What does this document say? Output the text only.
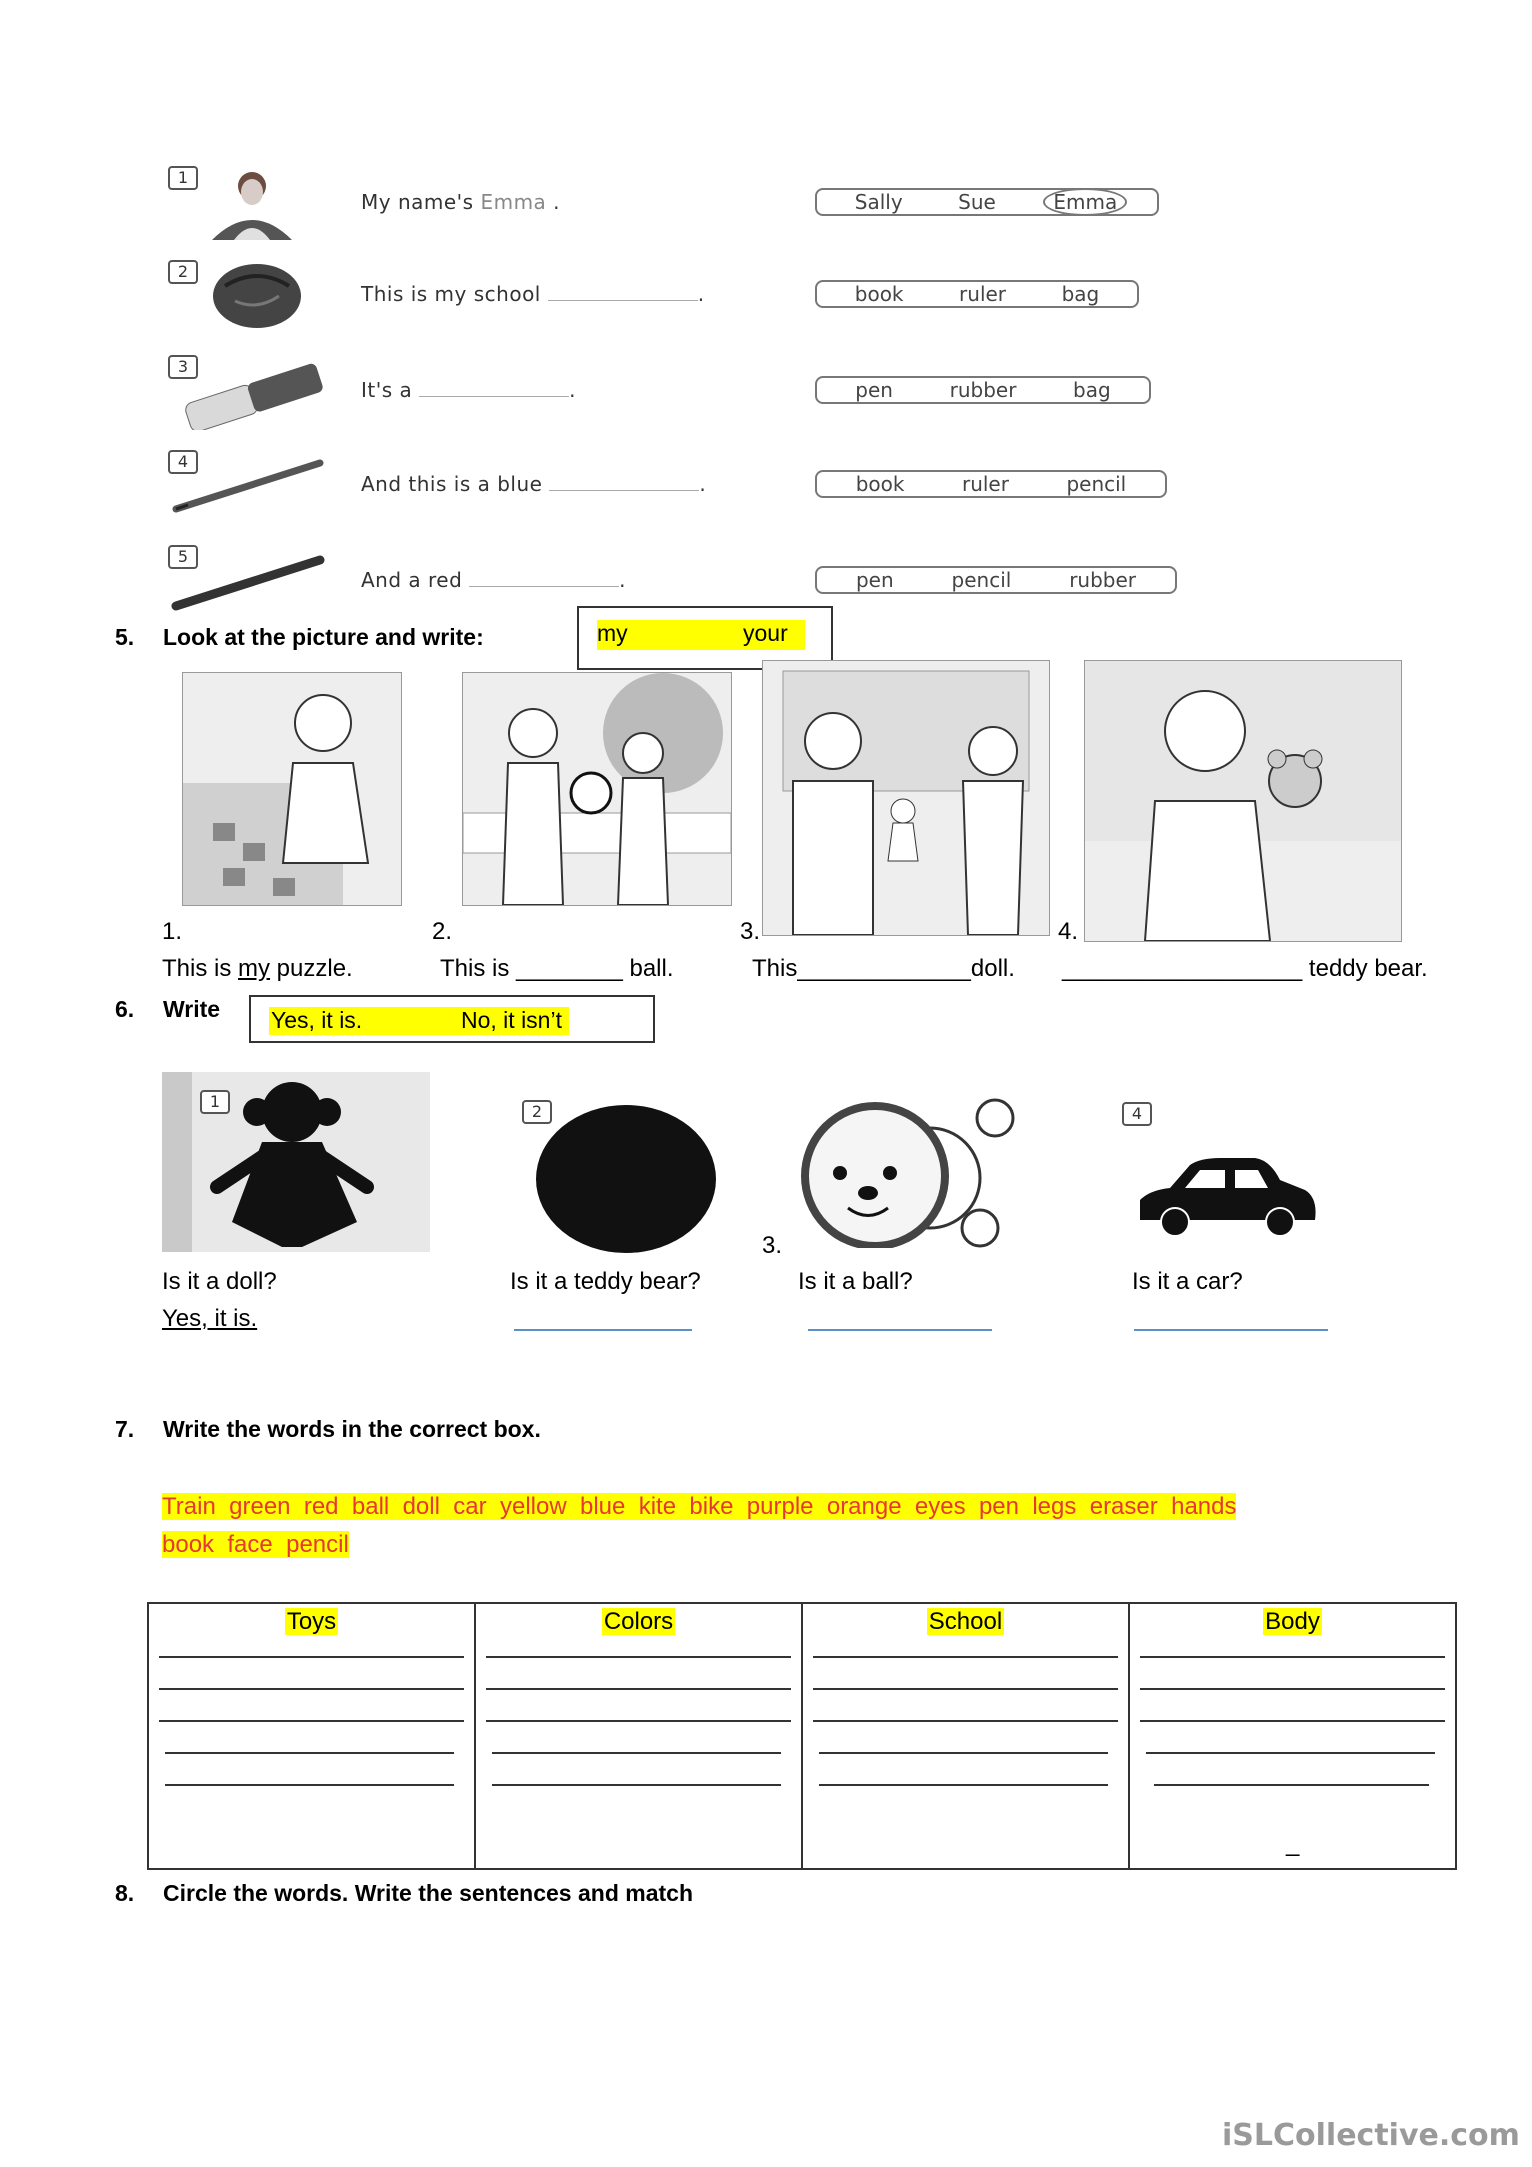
1
My name's Emma .	Sally	Sue	Emma
2
This is my school	.	book	ruler	bag
3
It's a	.	pen	rubber	bag
4
And this is a blue	.	book	ruler	pencil
5
And a red	.	pen	pencil	rubber
5. Look at the picture and write:	my	your
1.	2.	3.	4.
This is my puzzle.	This is ________ ball.	This_____________doll. __________________ teddy bear.
6. Write Yes, it is.	No, it isn’t
1
2
3.
4
Is it a doll?	Is it a teddy bear?	Is it a ball?	Is it a car?
Yes, it is.
7. Write the words in the correct box.
Train  green  red  ball  doll  car  yellow  blue  kite  bike  purple  orange  eyes  pen  legs  eraser  hands
book  face  pencil
Toys	Colors	School	Body
_
8. Circle the words. Write the sentences and match
iSLCollective.com
